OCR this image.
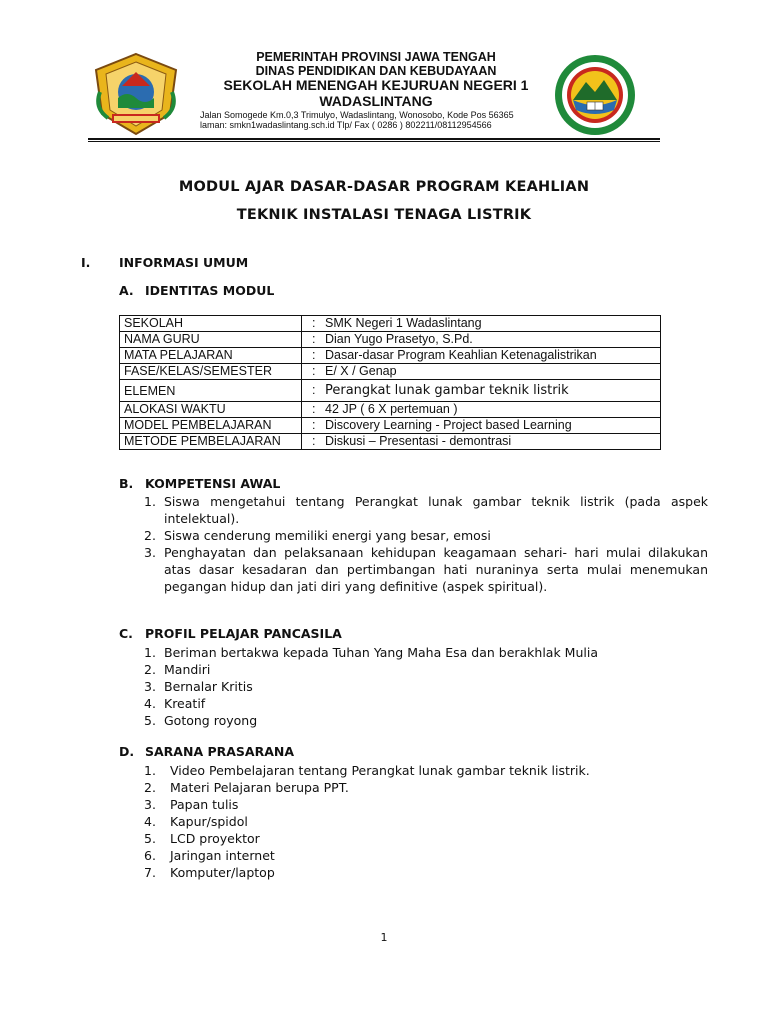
PEMERINTAH PROVINSI JAWA TENGAH
DINAS PENDIDIKAN DAN KEBUDAYAAN
SEKOLAH MENENGAH KEJURUAN NEGERI 1
WADASLINTANG
Jalan Somogede Km.0,3 Trimulyo, Wadaslintang, Wonosobo, Kode Pos 56365
laman: smkn1wadaslintang.sch.id Tlp/ Fax ( 0286 ) 802211/08112954566
MODUL AJAR DASAR-DASAR PROGRAM KEAHLIAN
TEKNIK INSTALASI TENAGA LISTRIK
I. INFORMASI UMUM
A. IDENTITAS MODUL
SEKOLAH	: SMK Negeri 1 Wadaslintang
NAMA GURU	: Dian Yugo Prasetyo, S.Pd.
MATA PELAJARAN	: Dasar-dasar Program Keahlian Ketenagalistrikan
FASE/KELAS/SEMESTER	: E/ X / Genap
ELEMEN	: Perangkat lunak gambar teknik listrik
ALOKASI WAKTU	: 42 JP ( 6 X pertemuan )
MODEL PEMBELAJARAN	: Discovery Learning - Project based Learning
METODE PEMBELAJARAN	: Diskusi – Presentasi - demontrasi
B. KOMPETENSI AWAL
1. Siswa mengetahui tentang Perangkat lunak gambar teknik listrik (pada aspek intelektual).
2. Siswa cenderung memiliki energi yang besar, emosi
3. Penghayatan dan pelaksanaan kehidupan keagamaan sehari- hari mulai dilakukan atas dasar kesadaran dan pertimbangan hati nuraninya serta mulai menemukan pegangan hidup dan jati diri yang definitive (aspek spiritual).
C. PROFIL PELAJAR PANCASILA
1. Beriman bertakwa kepada Tuhan Yang Maha Esa dan berakhlak Mulia
2. Mandiri
3. Bernalar Kritis
4. Kreatif
5. Gotong royong
D. SARANA PRASARANA
1. Video Pembelajaran tentang Perangkat lunak gambar teknik listrik.
2. Materi Pelajaran berupa PPT.
3. Papan tulis
4. Kapur/spidol
5. LCD proyektor
6. Jaringan internet
7. Komputer/laptop
1
